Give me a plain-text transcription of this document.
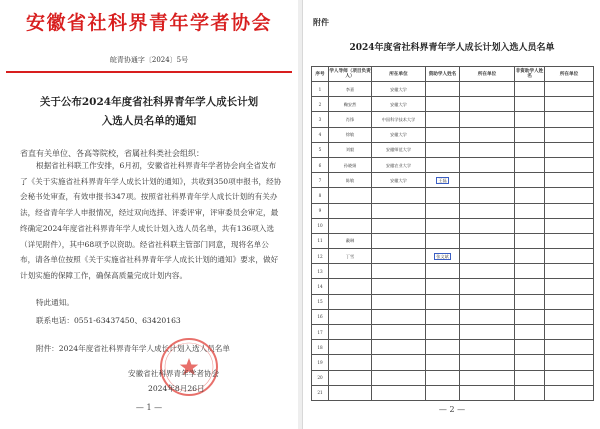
安徽省社科界青年学者协会
皖青协通字〔2024〕5号
关于公布2024年度省社科界青年学人成长计划
入选人员名单的通知
省直有关单位、各高等院校，省属社科类社会组织：
根据省社科联工作安排，6月初，安徽省社科界青年学者协会向全省发布了《关于实施省社科界青年学人成长计划的通知》，共收到350项申报书，经协会秘书处审查，有效申报书347项。按照省社科界青年学人成长计划的有关办法，经省青年学人申报情况，经过双向选择、评委评审，评审委员会审定，最终确定2024年度省社科界青年学人成长计划入选人员名单，共有136项入选（详见附件），其中68项予以资助。经省社科联主管部门同意，现将名单公布，请各单位按照《关于实施省社科界青年学人成长计划的通知》要求，做好计划实施的保障工作，确保高质量完成计划内容。
特此通知。
联系电话：0551-63437450、63420163
附件：2024年度省社科界青年学人成长计划入选人员名单
安徽省社科界青年学者协会
2024年8月26日
— 1 —
附件
2024年度省社科界青年学人成长计划入选人员名单
序号	学人导师（项目负责人）	所在单位	资助学人姓名	所在单位	非资助学人姓名	所在单位
1	李嘉	安徽大学				
2	鞠安然	安徽大学				
3	肖锋	中国科学技术大学				
4	徐敏	安徽大学				
5	刘毅	安徽师范大学				
6	孙晓娟	安徽农业大学				
7	陈敏	安徽大学	王磊			
8						
9						
10						
11	戴琳					
12	丁雪		张文斌			
13						
14						
15						
16						
17						
18						
19						
20						
21						
— 2 —
